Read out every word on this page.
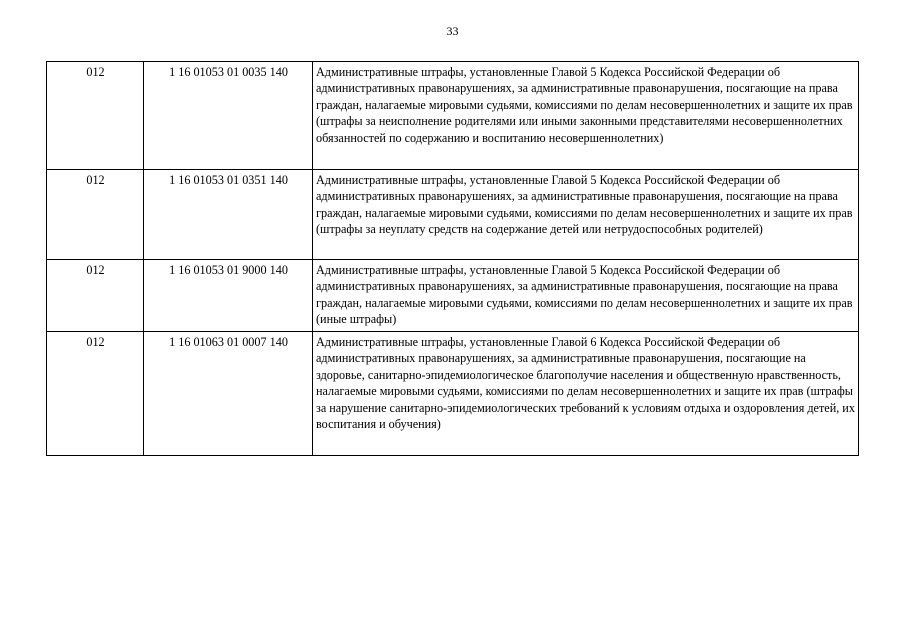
33
012	1 16 01053 01 0035 140	Административные штрафы, установленные Главой 5 Кодекса Российской Федерации об административных правонарушениях, за административные правонарушения, посягающие на права граждан, налагаемые мировыми судьями, комиссиями по делам несовершеннолетних и защите их прав (штрафы за неисполнение родителями или иными законными представителями несовершеннолетних обязанностей по содержанию и воспитанию несовершеннолетних)
012	1 16 01053 01 0351 140	Административные штрафы, установленные Главой 5 Кодекса Российской Федерации об административных правонарушениях, за административные правонарушения, посягающие на права граждан, налагаемые мировыми судьями, комиссиями по делам несовершеннолетних и защите их прав (штрафы за неуплату средств на содержание детей или нетрудоспособных родителей)
012	1 16 01053 01 9000 140	Административные штрафы, установленные Главой 5 Кодекса Российской Федерации об административных правонарушениях, за административные правонарушения, посягающие на права граждан, налагаемые мировыми судьями, комиссиями по делам несовершеннолетних и защите их прав (иные штрафы)
012	1 16 01063 01 0007 140	Административные штрафы, установленные Главой 6 Кодекса Российской Федерации об административных правонарушениях, за административные правонарушения, посягающие на здоровье, санитарно-эпидемиологическое благополучие населения и общественную нравственность, налагаемые мировыми судьями, комиссиями по делам несовершеннолетних и защите их прав (штрафы за нарушение санитарно-эпидемиологических требований к условиям отдыха и оздоровления детей, их воспитания и обучения)
